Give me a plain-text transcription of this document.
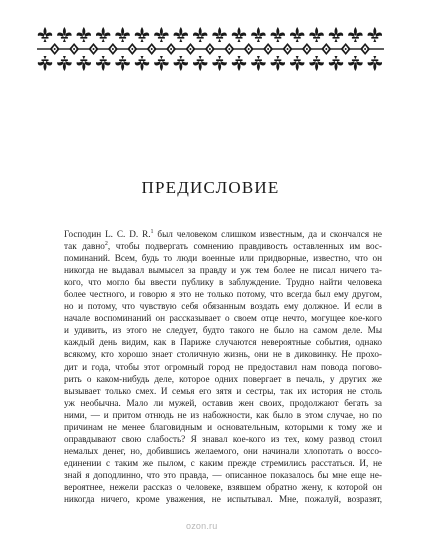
ПРЕДИСЛОВИЕ
Господин L. C. D. R.$^1$ был человеком слишком известным, да и скончался не
так давно$^2$, чтобы подвергать сомнению правдивость оставленных им вос-
поминаний. Всем, будь то люди военные или придворные, известно, что он
никогда не выдавал вымысел за правду и уж тем более не писал ничего та-
кого, что могло бы ввести публику в заблуждение. Трудно найти человека
более честного, и говорю я это не только потому, что всегда был ему другом,
но и потому, что чувствую себя обязанным воздать ему должное. И если в
начале воспоминаний он рассказывает о своем отце нечто, могущее кое-кого
и удивить, из этого не следует, будто такого не было на самом деле. Мы
каждый день видим, как в Париже случаются невероятные события, однако
всякому, кто хорошо знает столичную жизнь, они не в диковинку. Не прохо-
дит и года, чтобы этот огромный город не предоставил нам повода погово-
рить о каком-нибудь деле, которое одних повергает в печаль, у других же
вызывает только смех. И семья его зятя и сестры, так их история не столь
уж необычна. Мало ли мужей, оставив жен своих, продолжают бегать за
ними, — и притом отнюдь не из набожности, как было в этом случае, но по
причинам не менее благовидным и основательным, которыми к тому же и
оправдывают свою слабость? Я знавал кое-кого из тех, кому развод стоил
немалых денег, но, добившись желаемого, они начинали хлопотать о воссо-
единении с таким же пылом, с каким прежде стремились расстаться. И, не
знай я доподлинно, что это правда, — описанное показалось бы мне еще не-
вероятнее, нежели рассказ о человеке, взявшем обратно жену, к которой он
никогда ничего, кроме уважения, не испытывал. Мне, пожалуй, возразят,
ozon.ru
